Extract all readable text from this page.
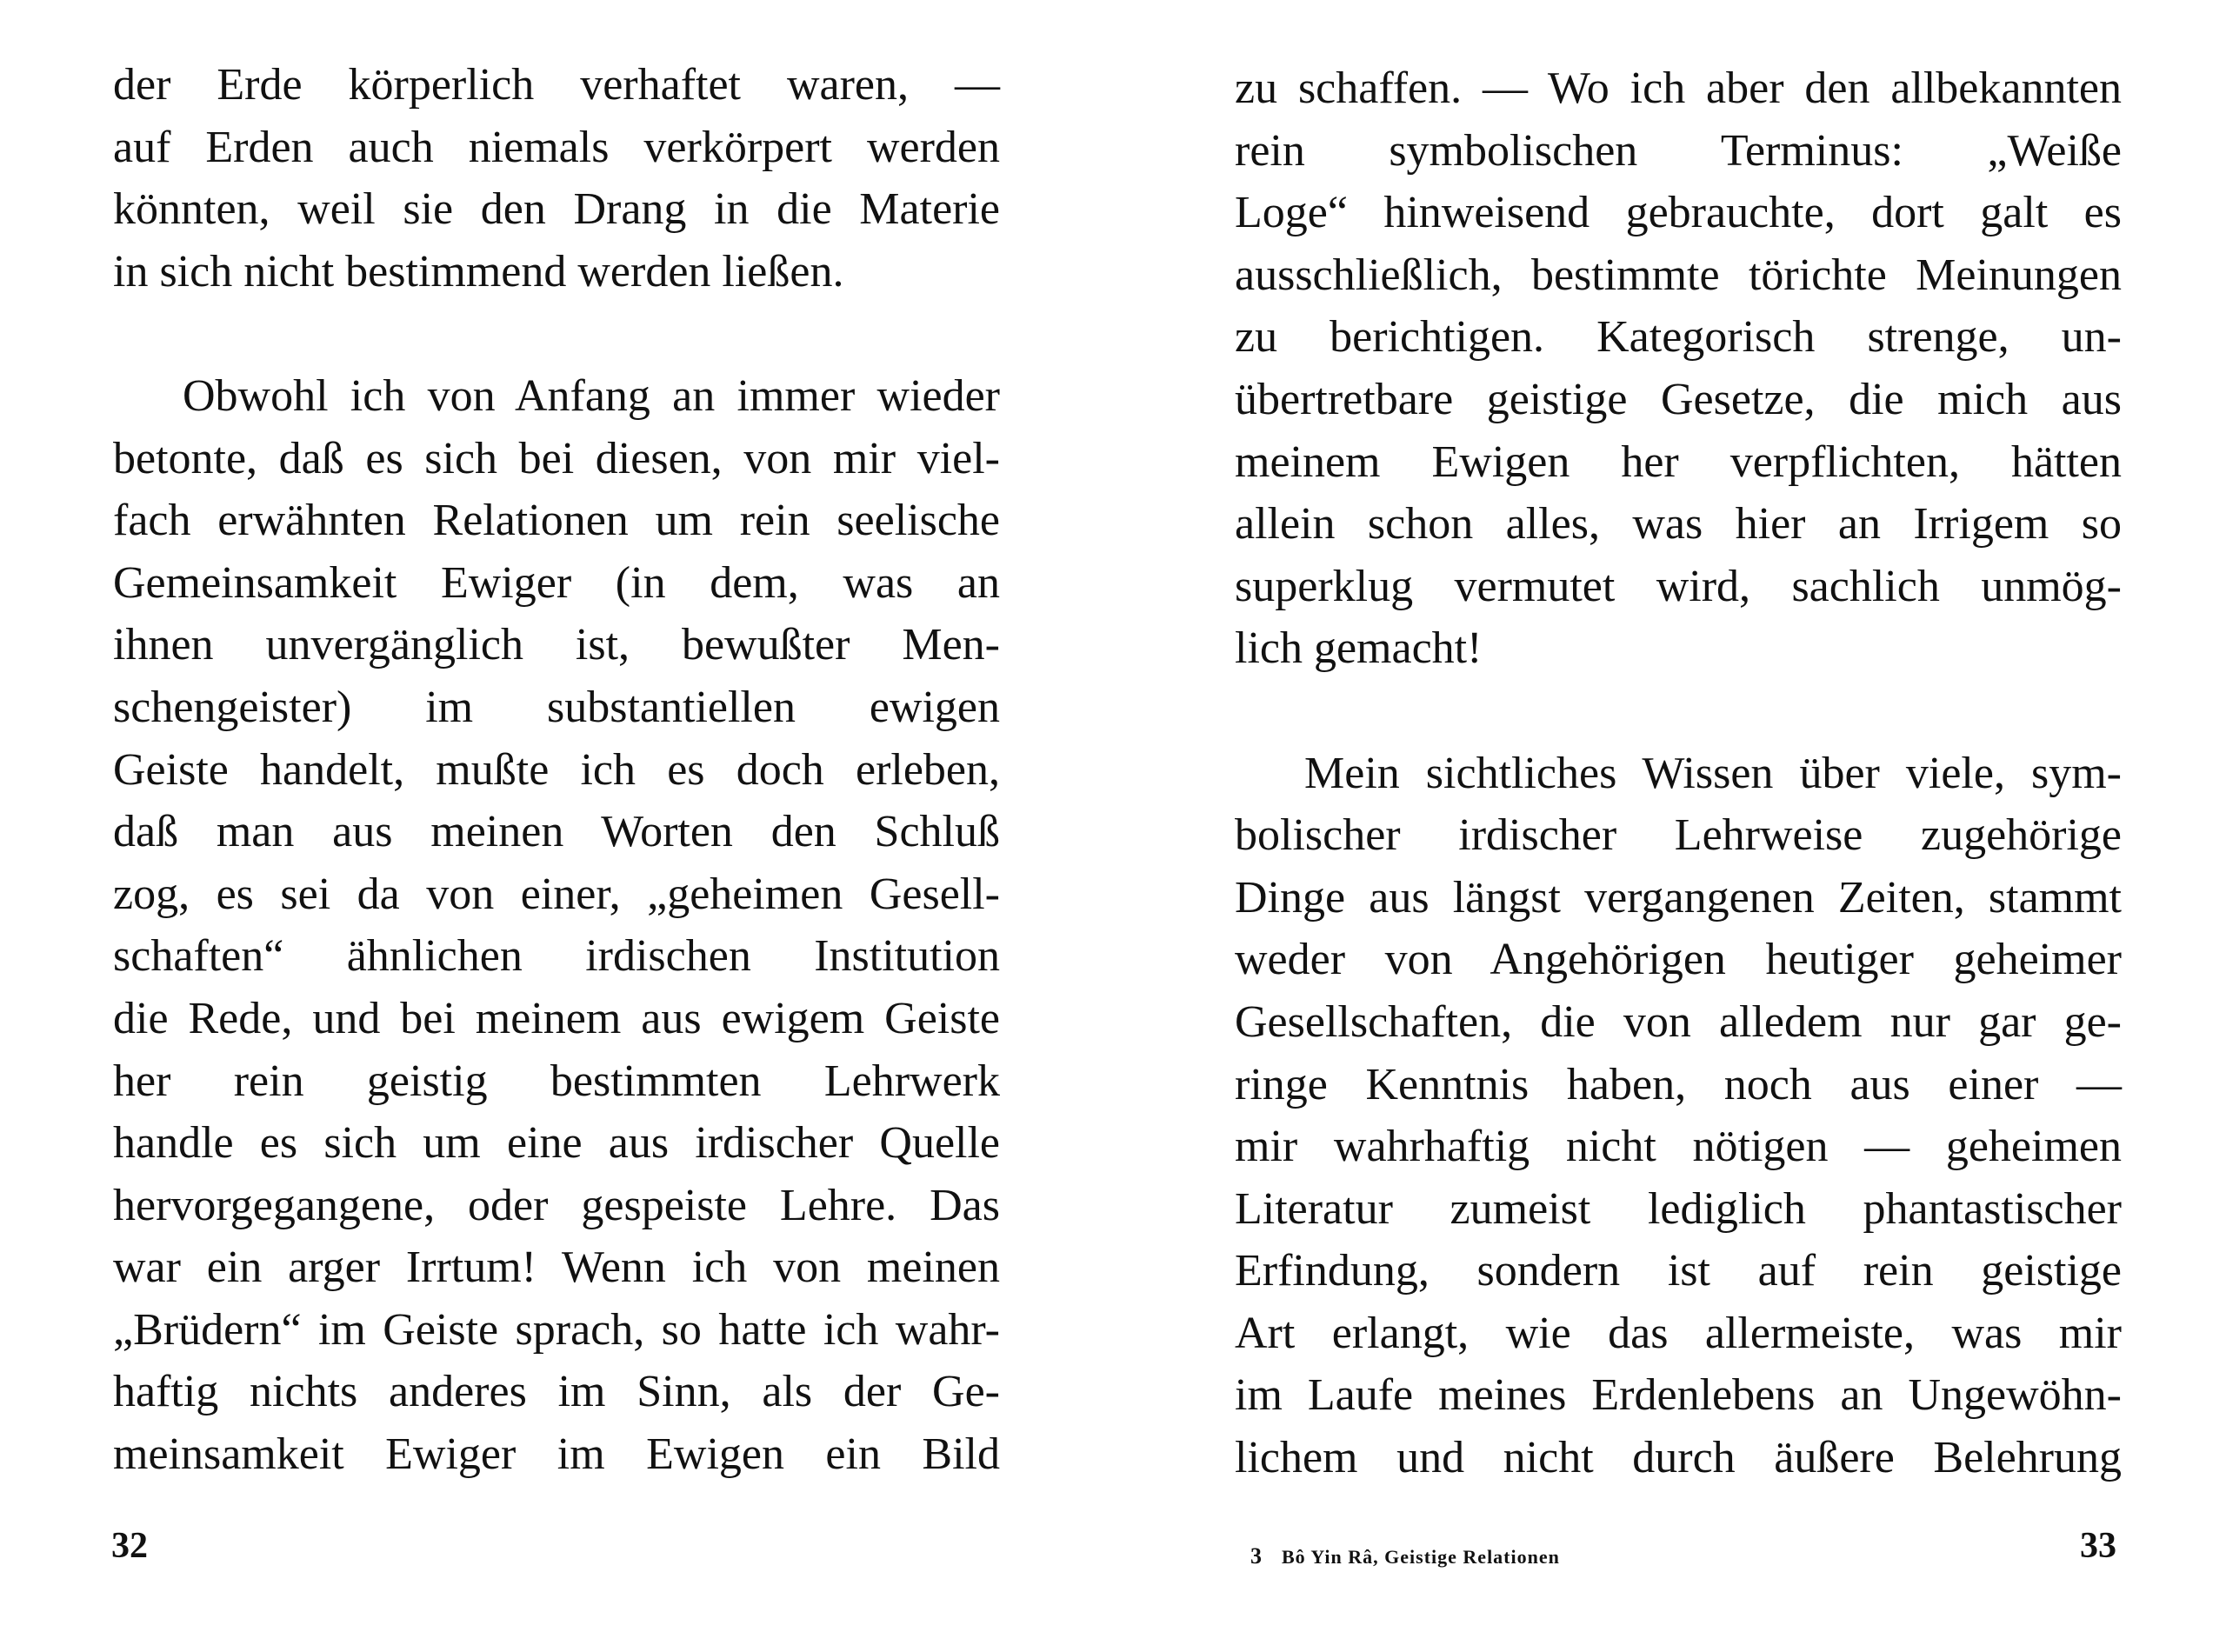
der Erde körperlich verhaftet waren, —
auf Erden auch niemals verkörpert werden
könnten, weil sie den Drang in die Materie
in sich nicht bestimmend werden ließen.
Obwohl ich von Anfang an immer wieder
betonte, daß es sich bei diesen, von mir viel-
fach erwähnten Relationen um rein seelische
Gemeinsamkeit Ewiger (in dem, was an
ihnen unvergänglich ist, bewußter Men-
schengeister) im substantiellen ewigen
Geiste handelt, mußte ich es doch erleben,
daß man aus meinen Worten den Schluß
zog, es sei da von einer, „geheimen Gesell-
schaften“ ähnlichen irdischen Institution
die Rede, und bei meinem aus ewigem Geiste
her rein geistig bestimmten Lehrwerk
handle es sich um eine aus irdischer Quelle
hervorgegangene, oder gespeiste Lehre. Das
war ein arger Irrtum! Wenn ich von meinen
„Brüdern“ im Geiste sprach, so hatte ich wahr-
haftig nichts anderes im Sinn, als der Ge-
meinsamkeit Ewiger im Ewigen ein Bild
32
zu schaffen. — Wo ich aber den allbekannten
rein symbolischen Terminus: „Weiße
Loge“ hinweisend gebrauchte, dort galt es
ausschließlich, bestimmte törichte Meinungen
zu berichtigen. Kategorisch strenge, un-
übertretbare geistige Gesetze, die mich aus
meinem Ewigen her verpflichten, hätten
allein schon alles, was hier an Irrigem so
superklug vermutet wird, sachlich unmög-
lich gemacht!
Mein sichtliches Wissen über viele, sym-
bolischer irdischer Lehrweise zugehörige
Dinge aus längst vergangenen Zeiten, stammt
weder von Angehörigen heutiger geheimer
Gesellschaften, die von alledem nur gar ge-
ringe Kenntnis haben, noch aus einer —
mir wahrhaftig nicht nötigen — geheimen
Literatur zumeist lediglich phantastischer
Erfindung, sondern ist auf rein geistige
Art erlangt, wie das allermeiste, was mir
im Laufe meines Erdenlebens an Ungewöhn-
lichem und nicht durch äußere Belehrung
3 Bô Yin Râ, Geistige Relationen	33
